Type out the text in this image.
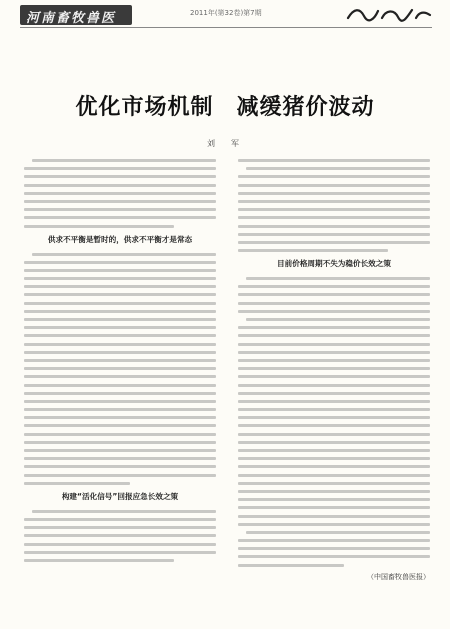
河南畜牧兽医	2011年(第32卷)第7期
优化市场机制　减缓猪价波动
刘　军
供求不平衡是暂时的，供求不平衡才是常态
构建“活化信号”回报应急长效之策
目前价格周期不失为稳价长效之策
（中国畜牧兽医报）
